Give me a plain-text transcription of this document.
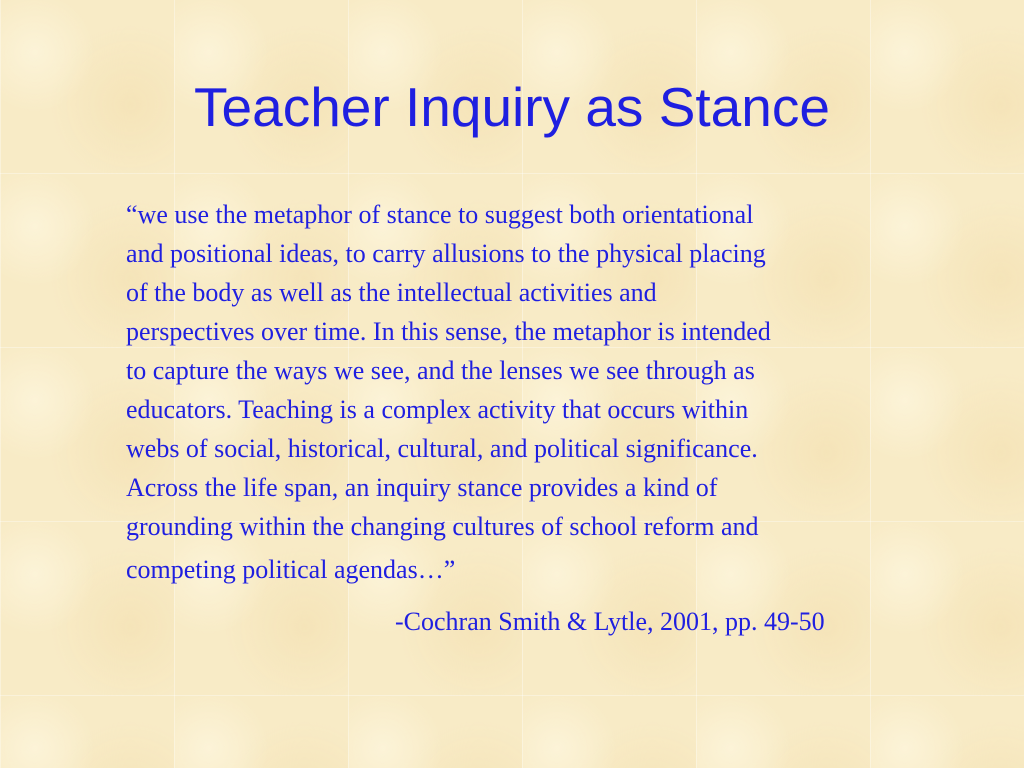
Teacher Inquiry as Stance

“we use the metaphor of stance to suggest both orientational
and positional ideas, to carry allusions to the physical placing
of the body as well as the intellectual activities and
perspectives over time. In this sense, the metaphor is intended
to capture the ways we see, and the lenses we see through as
educators. Teaching is a complex activity that occurs within
webs of social, historical, cultural, and political significance.
Across the life span, an inquiry stance provides a kind of
grounding within the changing cultures of school reform and
competing political agendas…”

-Cochran Smith & Lytle, 2001, pp. 49-50
